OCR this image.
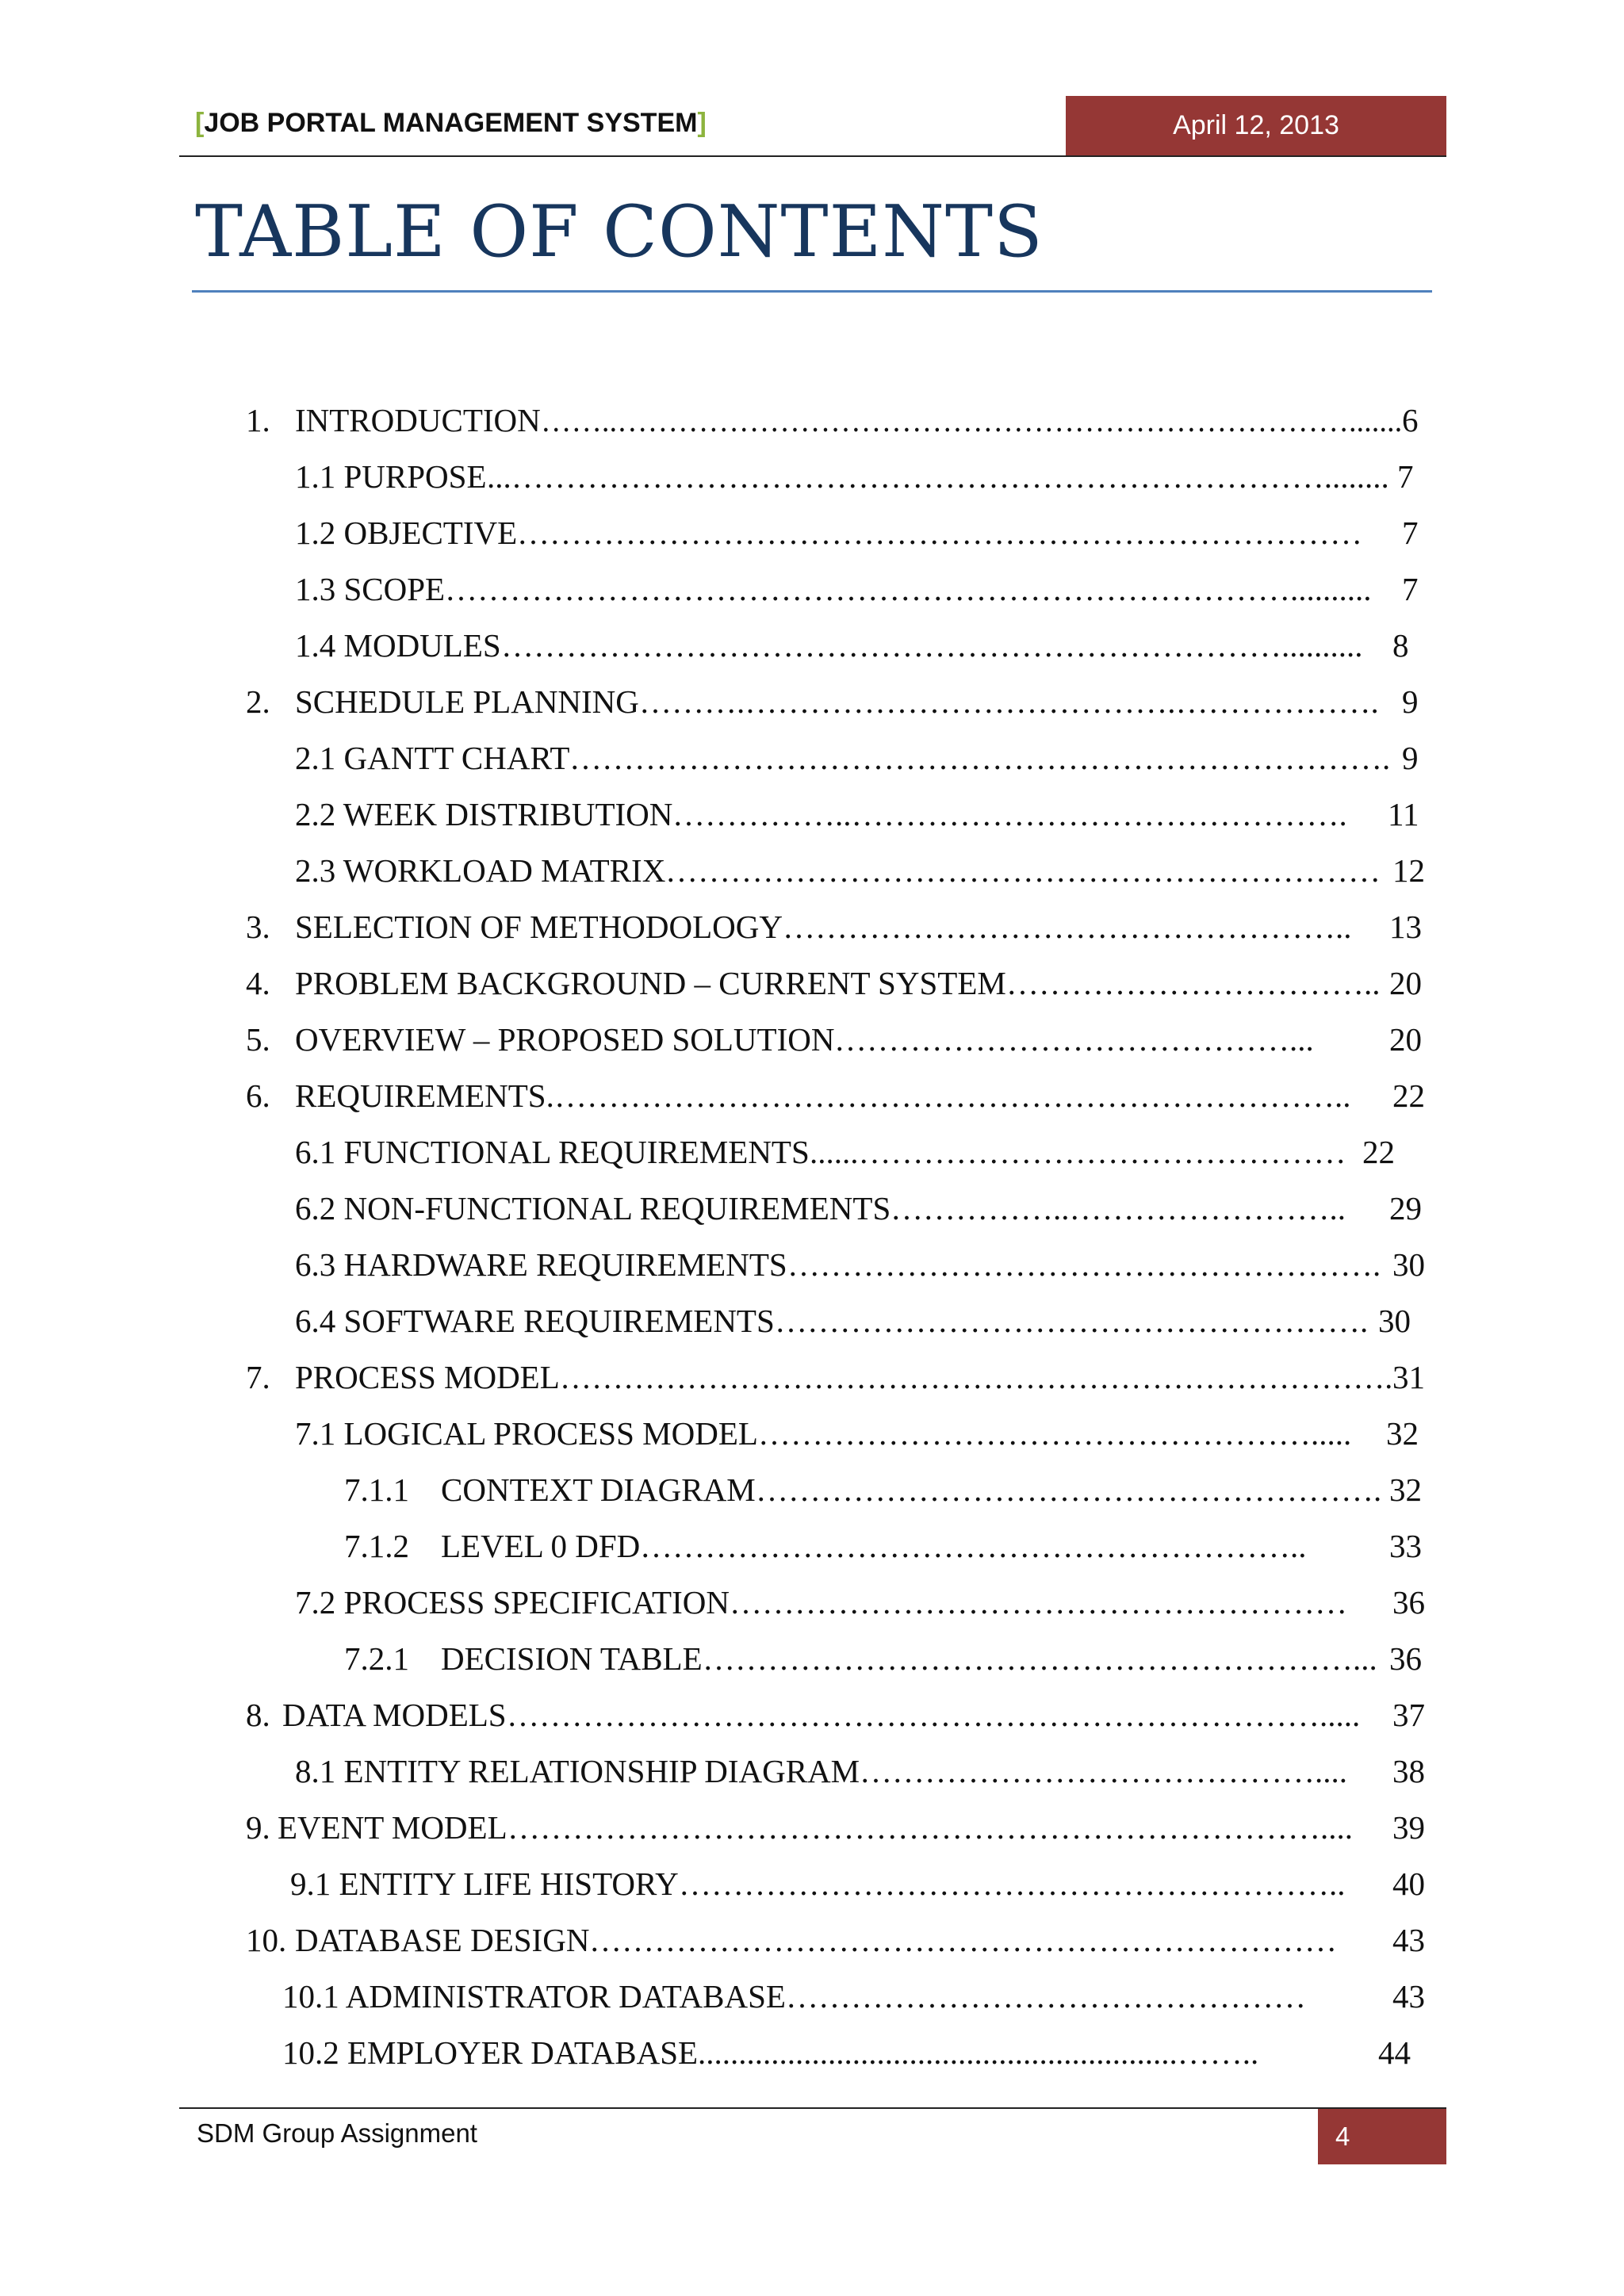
[JOB PORTAL MANAGEMENT SYSTEM]	April 12, 2013
TABLE OF CONTENTS
1. INTRODUCTION ……..………………………………………………………………....... 6
1.1 PURPOSE ...…………………………………………………………………........ 7
1.2 OBJECTIVE ……………………………………………………………………	7
1.3 SCOPE …………………………………………………………………….......... 7
1.4 MODULES ……………………………………………………………….......... 8
2. SCHEDULE PLANNING ……….………………………………….………………. 9
2.1 GANTT CHART …………………………………………………………………. 9
2.2 WEEK DISTRIBUTION ……………..……………………………………….	11
2.3 WORKLOAD MATRIX ………………………………………………………… 12
3. SELECTION OF METHODOLOGY ……………………………………………..	13
4. PROBLEM BACKGROUND – CURRENT SYSTEM …………………………….. 20
5. OVERVIEW – PROPOSED SOLUTION ……………………………………...	20
6. REQUIREMENTS. ………………………………………………………………..	22
6.1 FUNCTIONAL REQUIREMENTS ......……………………………………… 22
6.2 NON-FUNCTIONAL REQUIREMENTS ……………..……………………..	29
6.3 HARDWARE REQUIREMENTS ………………………………………………. 30
6.4 SOFTWARE REQUIREMENTS ………………………………………………. 30
7. PROCESS MODEL ……………………………………………………………………. 31
7.1 LOGICAL PROCESS MODEL …………………………………………….....	32
7.1.1 CONTEXT DIAGRAM …………………………………………………. 32
7.1.2 LEVEL 0 DFD ……………………………………………………..	33
7.2 PROCESS SPECIFICATION …………………………………………………	36
7.2.1 DECISION TABLE ……………………………………………………... 36
8. DATA MODELS …………………………………………………………………..... 37
8.1 ENTITY RELATIONSHIP DIAGRAM ……………………………………....	38
9. EVENT MODEL …………………………………………………………………....	39
9.1 ENTITY LIFE HISTORY ……………………………………………………..	40
10. DATABASE DESIGN ……………………………………………………………	43
10.1 ADMINISTRATOR DATABASE …………………………………………	43
10.2 EMPLOYER DATABASE ...........................................................……..	44
SDM Group Assignment	4
